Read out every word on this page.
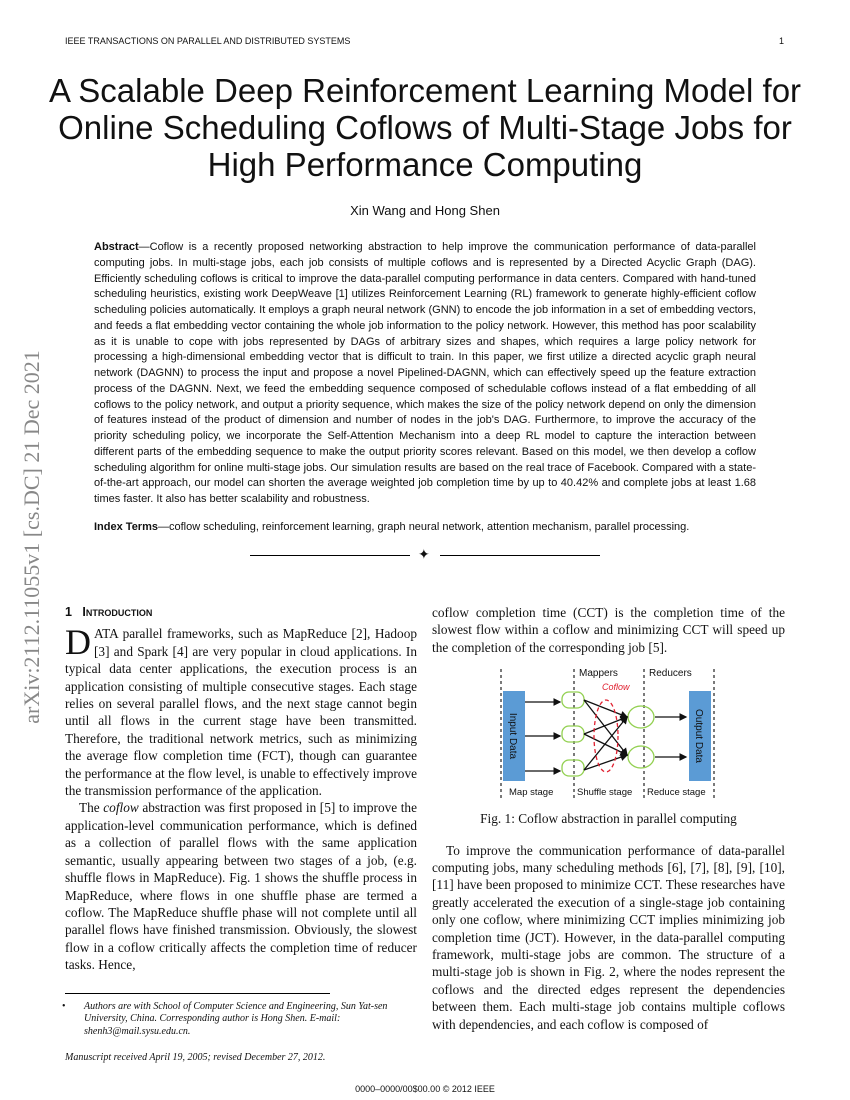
IEEE TRANSACTIONS ON PARALLEL AND DISTRIBUTED SYSTEMS	1
A Scalable Deep Reinforcement Learning Model for Online Scheduling Coflows of Multi-Stage Jobs for High Performance Computing
Xin Wang and Hong Shen
Abstract—Coflow is a recently proposed networking abstraction to help improve the communication performance of data-parallel computing jobs. In multi-stage jobs, each job consists of multiple coflows and is represented by a Directed Acyclic Graph (DAG). Efficiently scheduling coflows is critical to improve the data-parallel computing performance in data centers. Compared with hand-tuned scheduling heuristics, existing work DeepWeave [1] utilizes Reinforcement Learning (RL) framework to generate highly-efficient coflow scheduling policies automatically. It employs a graph neural network (GNN) to encode the job information in a set of embedding vectors, and feeds a flat embedding vector containing the whole job information to the policy network. However, this method has poor scalability as it is unable to cope with jobs represented by DAGs of arbitrary sizes and shapes, which requires a large policy network for processing a high-dimensional embedding vector that is difficult to train. In this paper, we first utilize a directed acyclic graph neural network (DAGNN) to process the input and propose a novel Pipelined-DAGNN, which can effectively speed up the feature extraction process of the DAGNN. Next, we feed the embedding sequence composed of schedulable coflows instead of a flat embedding of all coflows to the policy network, and output a priority sequence, which makes the size of the policy network depend on only the dimension of features instead of the product of dimension and number of nodes in the job's DAG. Furthermore, to improve the accuracy of the priority scheduling policy, we incorporate the Self-Attention Mechanism into a deep RL model to capture the interaction between different parts of the embedding sequence to make the output priority scores relevant. Based on this model, we then develop a coflow scheduling algorithm for online multi-stage jobs. Our simulation results are based on the real trace of Facebook. Compared with a state-of-the-art approach, our model can shorten the average weighted job completion time by up to 40.42% and complete jobs at least 1.68 times faster. It also has better scalability and robustness.
Index Terms—coflow scheduling, reinforcement learning, graph neural network, attention mechanism, parallel processing.
✦
arXiv:2112.11055v1 [cs.DC] 21 Dec 2021 1 Introduction

DATA parallel frameworks, such as MapReduce [2], Hadoop [3] and Spark [4] are very popular in cloud applications. In typical data center applications, the execution process is an application consisting of multiple consecutive stages. Each stage relies on several parallel flows, and the next stage cannot begin until all flows in the current stage have been transmitted. Therefore, the traditional network metrics, such as minimizing the average flow completion time (FCT), though can guarantee the performance at the flow level, is unable to effectively improve the transmission performance of the application.

The coflow abstraction was first proposed in [5] to improve the application-level communication performance, which is defined as a collection of parallel flows with the same application semantic, usually appearing between two stages of a job, (e.g. shuffle flows in MapReduce). Fig. 1 shows the shuffle process in MapReduce, where flows in one shuffle phase are termed a coflow. The MapReduce shuffle phase will not complete until all parallel flows have finished transmission. Obviously, the slowest flow in a coflow critically affects the completion time of reducer tasks. Hence,

• Authors are with School of Computer Science and Engineering, Sun Yat-sen University, China. Corresponding author is Hong Shen. E-mail: shenh3@mail.sysu.edu.cn.
Manuscript received April 19, 2005; revised December 27, 2012.

coflow completion time (CCT) is the completion time of the slowest flow within a coflow and minimizing CCT will speed up the completion of the corresponding job [5].

Input Data	Output Data
Mappers	Reducers
Coflow
Map stage Shuffle stage Reduce stage
Fig. 1: Coflow abstraction in parallel computing

To improve the communication performance of data-parallel computing jobs, many scheduling methods [6], [7], [8], [9], [10], [11] have been proposed to minimize CCT. These researches have greatly accelerated the execution of a single-stage job containing only one coflow, where minimizing CCT implies minimizing job completion time (JCT). However, in the data-parallel computing framework, multi-stage jobs are common. The structure of a multi-stage job is shown in Fig. 2, where the nodes represent the coflows and the directed edges represent the dependencies between them. Each multi-stage job contains multiple coflows with dependencies, and each coflow is composed of

0000–0000/00$00.00 © 2012 IEEE
